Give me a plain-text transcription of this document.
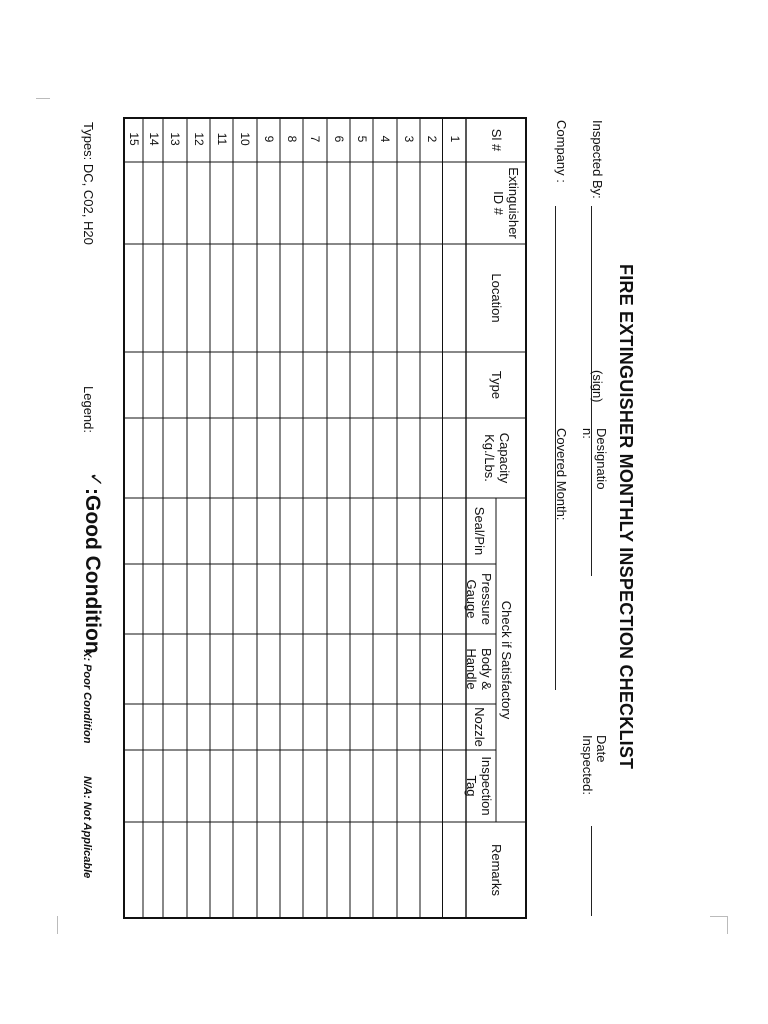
FIRE EXTINGUISHER MONTHLY INSPECTION CHECKLIST
Inspected By:
(sign)
Designatio
n:
Date
Inspected:
Company :
Covered Month:
Sl #
Extinguisher
ID #
Location
Type
Capacity
Kg./Lbs.
Check if Satisfactory
Seal/Pin
Pressure
Gauge
Body &
Handle
Nozzle
Inspection
Tag
Remarks
1
2
3
4
5
6
7
8
9
10
11
12
13
14
15
Types: DC, C02, H20
Legend:
✓
:Good Condition
X: Poor Condition
N/A: Not Applicable
